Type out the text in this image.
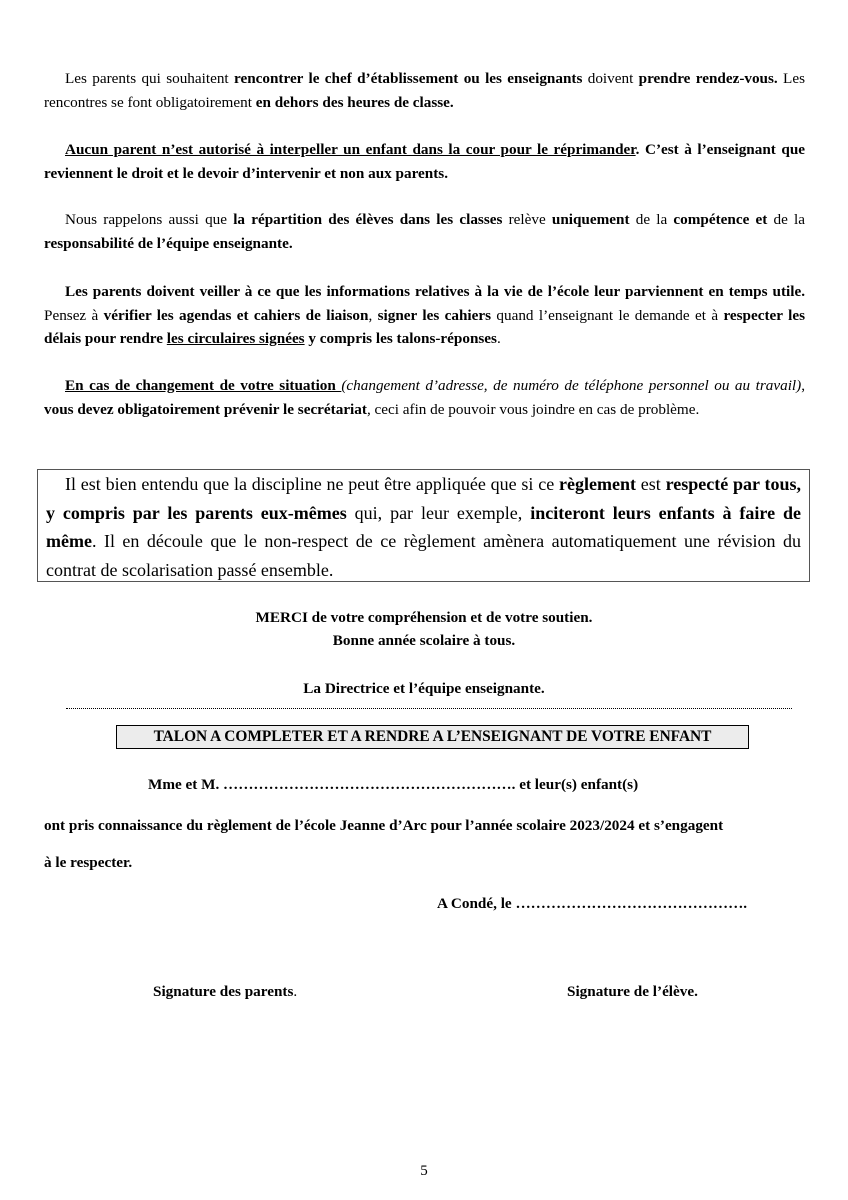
Les parents qui souhaitent rencontrer le chef d’établissement ou les enseignants doivent prendre rendez-vous. Les rencontres se font obligatoirement en dehors des heures de classe.

Aucun parent n’est autorisé à interpeller un enfant dans la cour pour le réprimander. C’est à l’enseignant que reviennent le droit et le devoir d’intervenir et non aux parents.

Nous rappelons aussi que la répartition des élèves dans les classes relève uniquement de la compétence et de la responsabilité de l’équipe enseignante.

Les parents doivent veiller à ce que les informations relatives à la vie de l’école leur parviennent en temps utile. Pensez à vérifier les agendas et cahiers de liaison, signer les cahiers quand l’enseignant le demande et à respecter les délais pour rendre les circulaires signées y compris les talons-réponses.

En cas de changement de votre situation (changement d’adresse, de numéro de téléphone personnel ou au travail), vous devez obligatoirement prévenir le secrétariat, ceci afin de pouvoir vous joindre en cas de problème.

Il est bien entendu que la discipline ne peut être appliquée que si ce règlement est respecté par tous, y compris par les parents eux-mêmes qui, par leur exemple, inciteront leurs enfants à faire de même. Il en découle que le non-respect de ce règlement amènera automatiquement une révision du contrat de scolarisation passé ensemble.

MERCI de votre compréhension et de votre soutien.

Bonne année scolaire à tous.

La Directrice et l’équipe enseignante.

TALON A COMPLETER ET A RENDRE A L’ENSEIGNANT DE VOTRE ENFANT

Mme et M. …………………………………………………. et leur(s) enfant(s)

ont pris connaissance du règlement de l’école Jeanne d’Arc pour l’année scolaire 2023/2024 et s’engagent

à le respecter.

A Condé, le ……………………………………….

Signature des parents.	Signature de l’élève.

5
